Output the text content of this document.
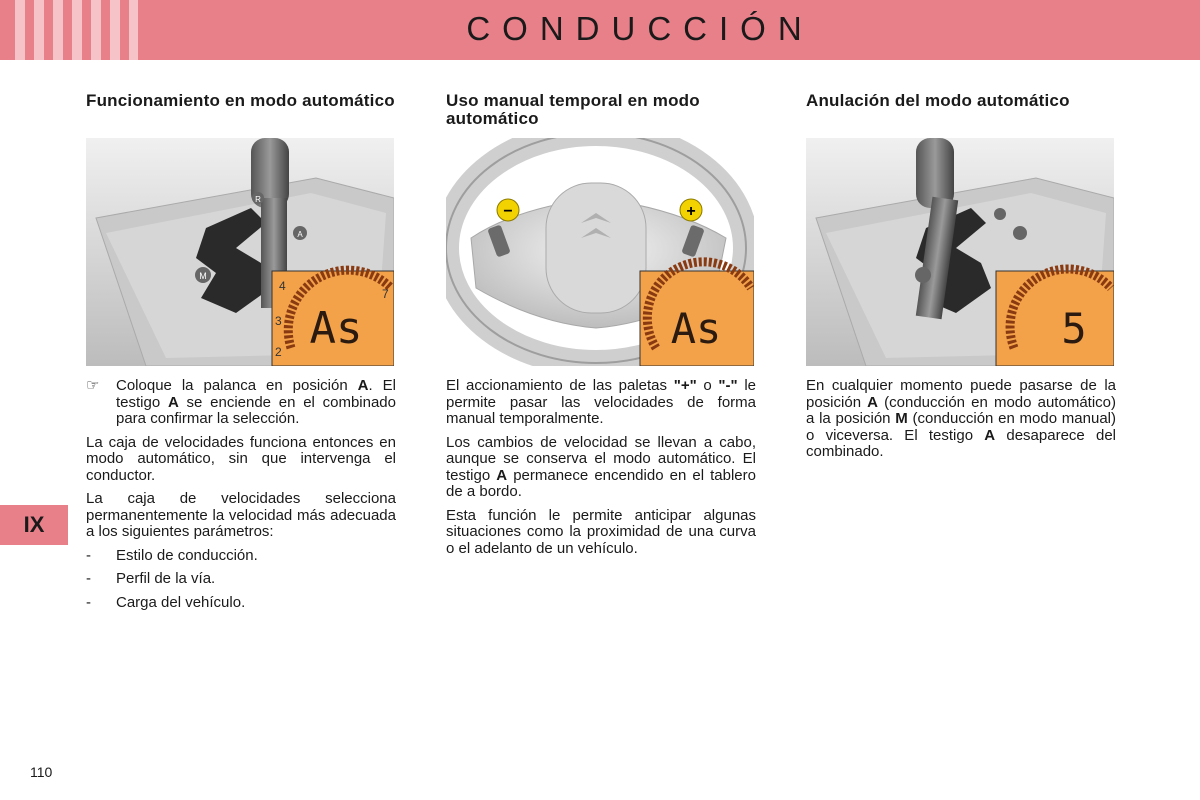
CONDUCCIÓN
IX
110
Funcionamiento en modo automático
R
A
M
4
7
3
2 As
☞	Coloque la palanca en posición A. El testigo A se enciende en el combinado para confirmar la selección.

La caja de velocidades funciona entonces en modo automático, sin que intervenga el conductor.

La caja de velocidades selecciona permanentemente la velocidad más adecuada a los siguientes parámetros:

-	Estilo de conducción.
-	Perfil de la vía.
-	Carga del vehículo.
Uso manual temporal en modo automático
−	+
As

El accionamiento de las paletas "+" o "-" le permite pasar las velocidades de forma manual temporalmente.

Los cambios de velocidad se llevan a cabo, aunque se conserva el modo automático. El testigo A permanece encendido en el tablero de a bordo.

Esta función le permite anticipar algunas situaciones como la proximidad de una curva o el adelanto de un vehículo.

Anulación del modo automático
5

En cualquier momento puede pasarse de la posición A (conducción en modo automático) a la posición M (conducción en modo manual) o viceversa. El testigo A desaparece del combinado.
